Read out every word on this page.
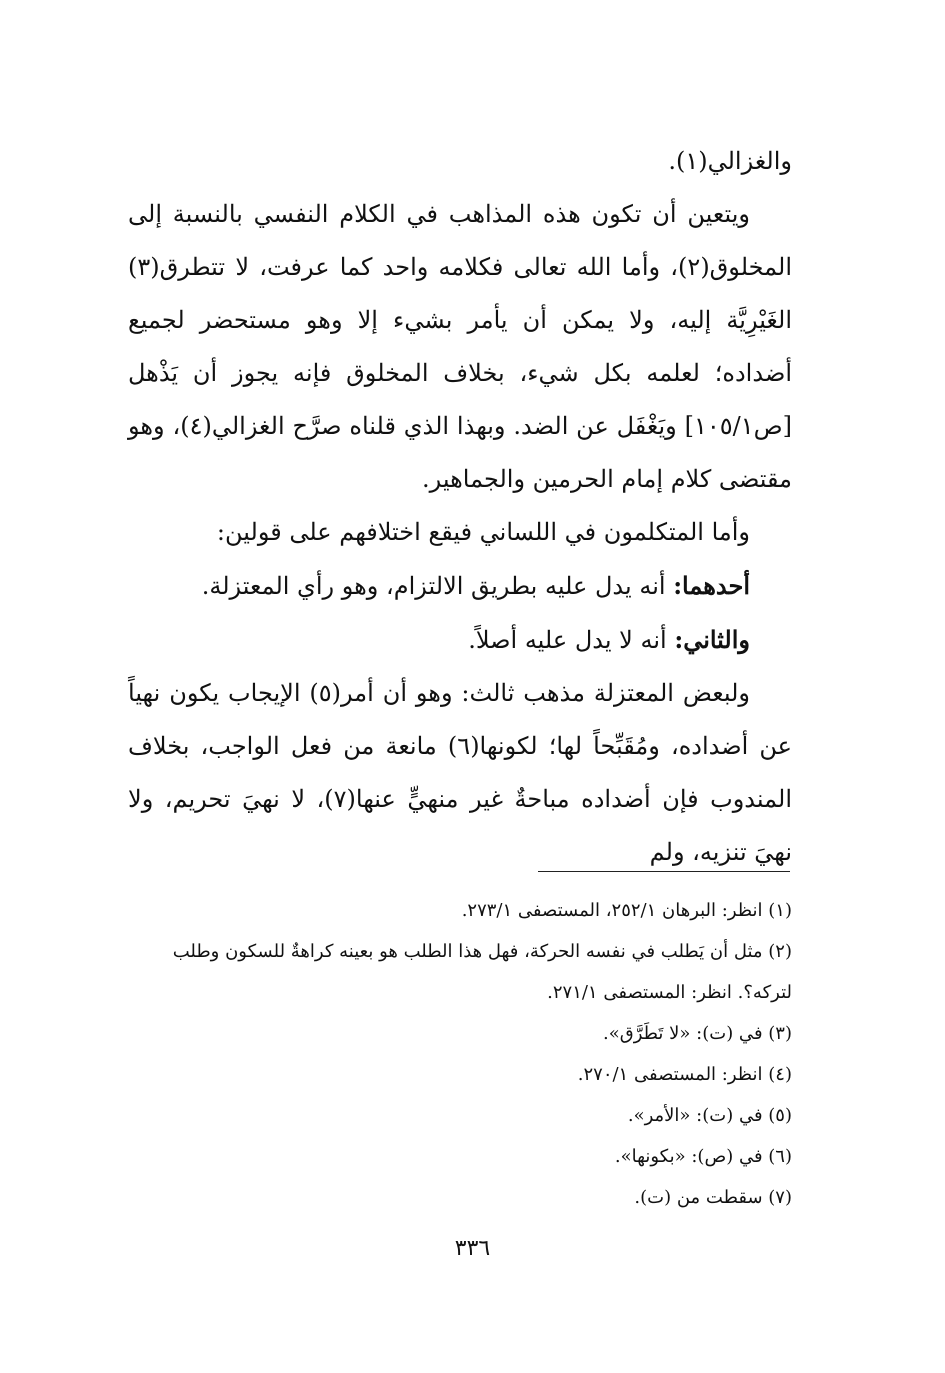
والغزالي(١).

ويتعين أن تكون هذه المذاهب في الكلام النفسي بالنسبة إلى المخلوق(٢)، وأما الله تعالى فكلامه واحد كما عرفت، لا تتطرق(٣) الغَيْرِيَّة إليه، ولا يمكن أن يأمر بشيء إلا وهو مستحضر لجميع أضداده؛ لعلمه بكل شيء، بخلاف المخلوق فإنه يجوز أن يَذْهل [ص١٠٥/١] ويَغْفَل عن الضد. وبهذا الذي قلناه صرَّح الغزالي(٤)، وهو مقتضى كلام إمام الحرمين والجماهير.

وأما المتكلمون في اللساني فيقع اختلافهم على قولين:

أحدهما: أنه يدل عليه بطريق الالتزام، وهو رأي المعتزلة.

والثاني: أنه لا يدل عليه أصلاً.

ولبعض المعتزلة مذهب ثالث: وهو أن أمر(٥) الإيجاب يكون نهياً عن أضداده، ومُقَبِّحاً لها؛ لكونها(٦) مانعة من فعل الواجب، بخلاف المندوب فإن أضداده مباحةٌ غير منهيٍّ عنها(٧)، لا نهيَ تحريم، ولا نهيَ تنزيه، ولم

(١) انظر: البرهان ٢٥٢/١، المستصفى ٢٧٣/١.

(٢) مثل أن يَطلب في نفسه الحركة، فهل هذا الطلب هو بعينه كراهةٌ للسكون وطلب لتركه؟. انظر: المستصفى ٢٧١/١.

(٣) في (ت): «لا تَطَرَّق».

(٤) انظر: المستصفى ٢٧٠/١.

(٥) في (ت): «الأمر».

(٦) في (ص): «بكونها».

(٧) سقطت من (ت).

٣٣٦
